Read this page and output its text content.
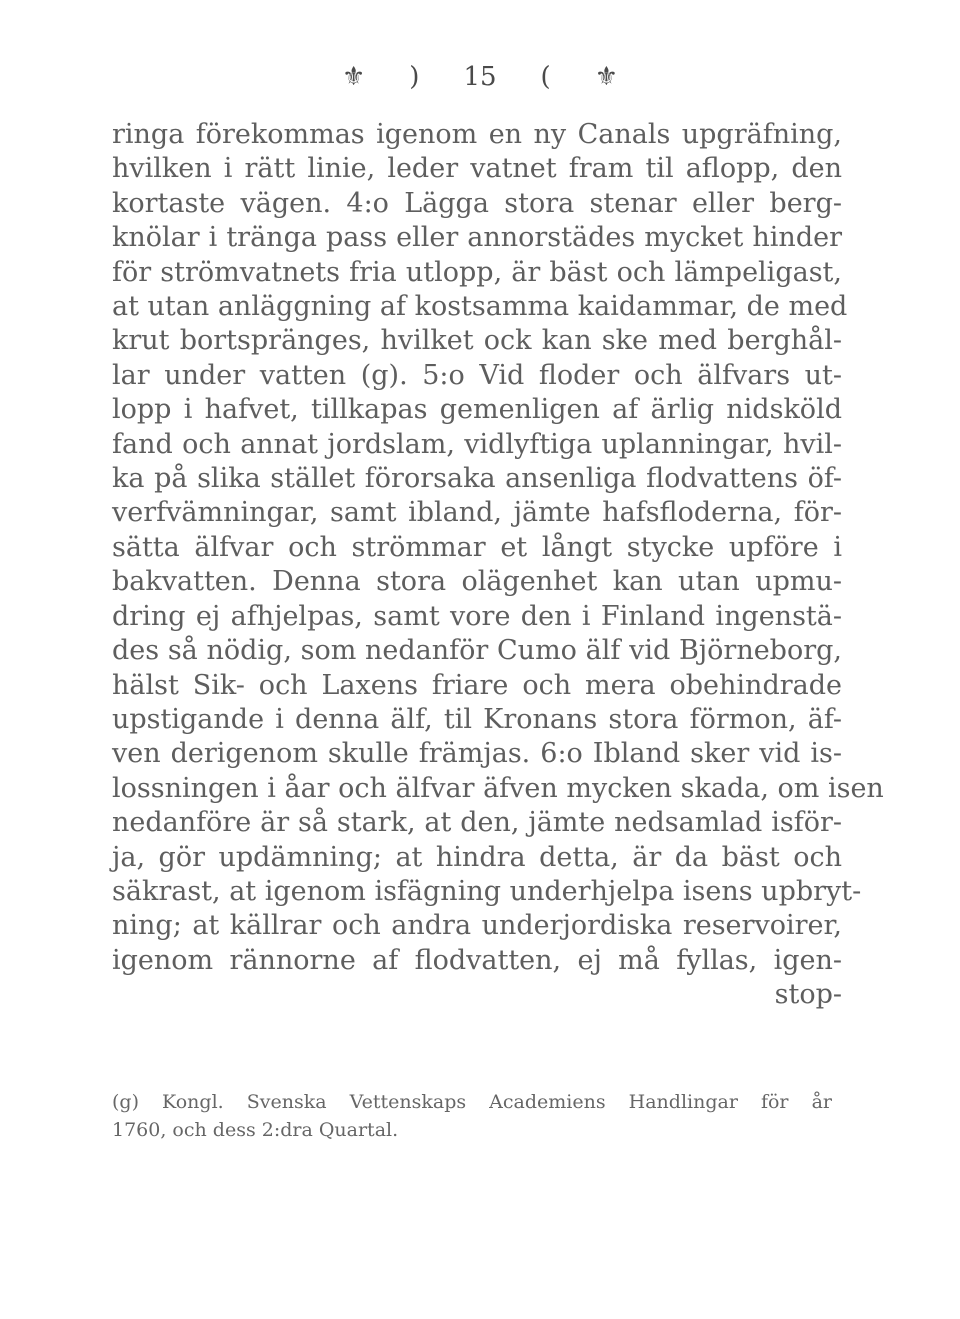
⚜ ) 15 ( ⚜
ringa förekommas igenom en ny Canals upgräfning,
hvilken i rätt linie, leder vatnet fram til aflopp, den
kortaste vägen. 4:o Lägga stora stenar eller berg-
knölar i tränga pass eller annorstädes mycket hinder
för strömvatnets fria utlopp, är bäst och lämpeligast,
at utan anläggning af kostsamma kaidammar, de med
krut bortspränges, hvilket ock kan ske med berghål-
lar under vatten (g). 5:o Vid floder och älfvars ut-
lopp i hafvet, tillkapas gemenligen af ärlig nidsköld
fand och annat jordslam, vidlyftiga uplanningar, hvil-
ka på slika stället förorsaka ansenliga flodvattens öf-
verfvämningar, samt ibland, jämte hafsfloderna, för-
sätta älfvar och strömmar et långt stycke upföre i
bakvatten. Denna stora olägenhet kan utan upmu-
dring ej afhjelpas, samt vore den i Finland ingenstä-
des så nödig, som nedanför Cumo älf vid Björneborg,
hälst Sik- och Laxens friare och mera obehindrade
upstigande i denna älf, til Kronans stora förmon, äf-
ven derigenom skulle främjas. 6:o Ibland sker vid is-
lossningen i åar och älfvar äfven mycken skada, om isen
nedanföre är så stark, at den, jämte nedsamlad isför-
ja, gör updämning; at hindra detta, är da bäst och
säkrast, at igenom isfägning underhjelpa isens upbryt-
ning; at källrar och andra underjordiska reservoirer,
igenom rännorne af flodvatten, ej må fyllas, igen-
stop-
(g) Kongl. Svenska Vettenskaps Academiens Handlingar för år
1760, och dess 2:dra Quartal.
